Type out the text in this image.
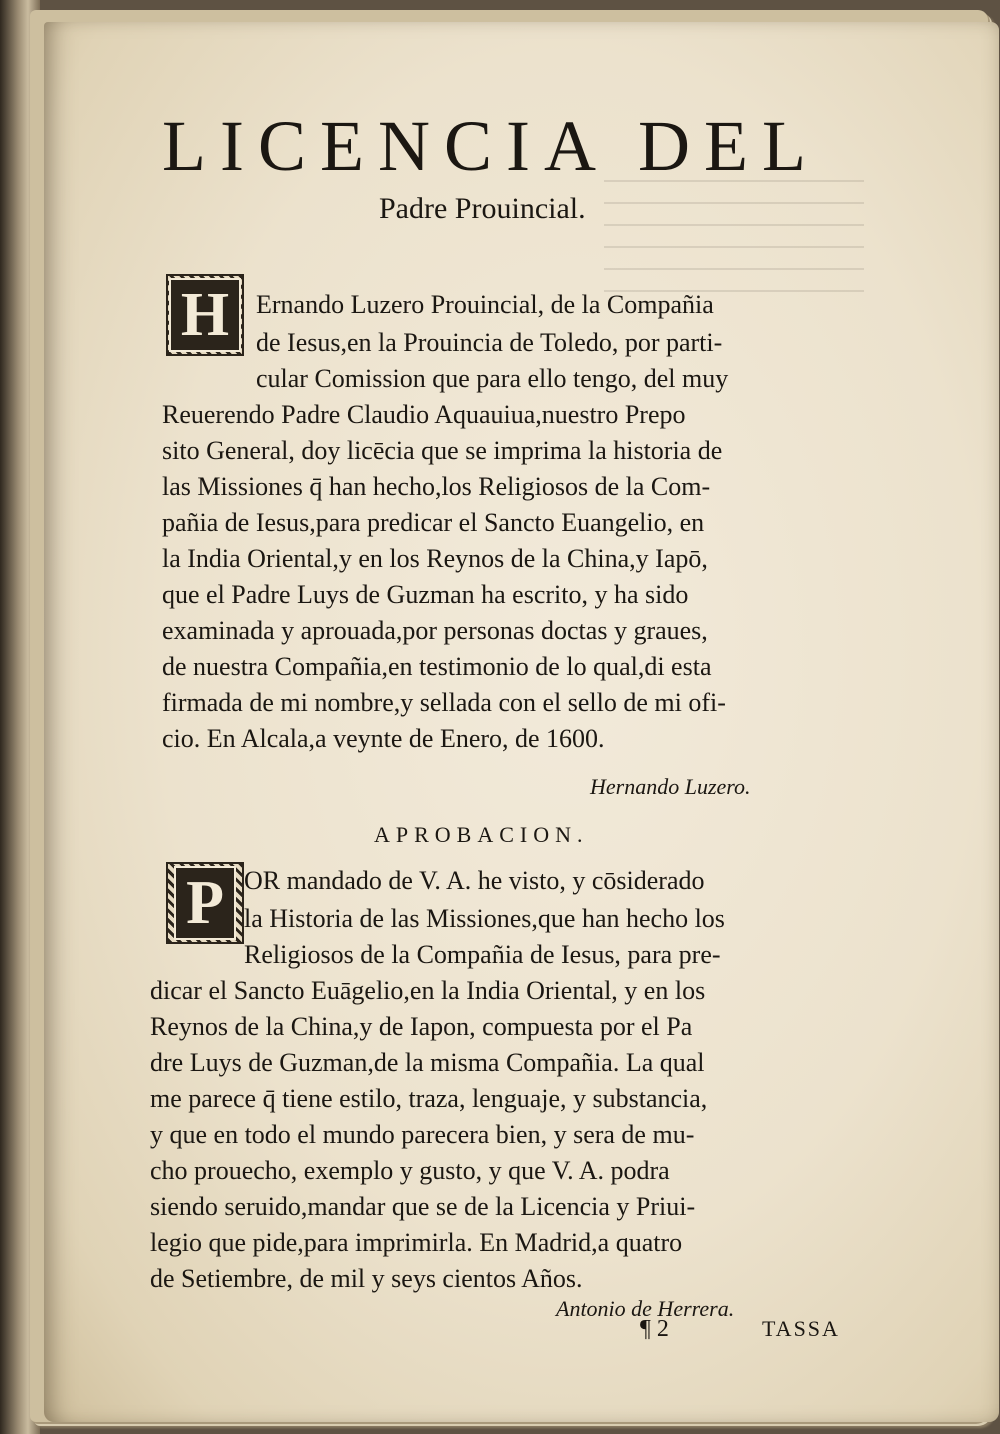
LICENCIA DEL
Padre Prouincial.
H	Ernando Luzero Prouincial, de la Compañia
de Iesus,en la Prouincia de Toledo, por parti-
cular Comission que para ello tengo, del muy
Reuerendo Padre Claudio Aquauiua,nuestro Prepo
sito General, doy licēcia que se imprima la historia de
las Missiones q̄ han hecho,los Religiosos de la Com-
pañia de Iesus,para predicar el Sancto Euangelio, en
la India Oriental,y en los Reynos de la China,y Iapō,
que el Padre Luys de Guzman ha escrito, y ha sido
examinada y aprouada,por personas doctas y graues,
de nuestra Compañia,en testimonio de lo qual,di esta
firmada de mi nombre,y sellada con el sello de mi ofi-
cio. En Alcala,a veynte de Enero, de 1600.
Hernando Luzero.
APROBACION.
P OR mandado de V. A. he visto, y cōsiderado
la Historia de las Missiones,que han hecho los
Religiosos de la Compañia de Iesus, para pre-
dicar el Sancto Euāgelio,en la India Oriental, y en los
Reynos de la China,y de Iapon, compuesta por el Pa
dre Luys de Guzman,de la misma Compañia. La qual
me parece q̄ tiene estilo, traza, lenguaje, y substancia,
y que en todo el mundo parecera bien, y sera de mu-
cho prouecho, exemplo y gusto, y que V. A. podra
siendo seruido,mandar que se de la Licencia y Priui-
legio que pide,para imprimirla. En Madrid,a quatro
de Setiembre, de mil y seys cientos Años.
Antonio de Herrera.
¶ 2	TASSA
